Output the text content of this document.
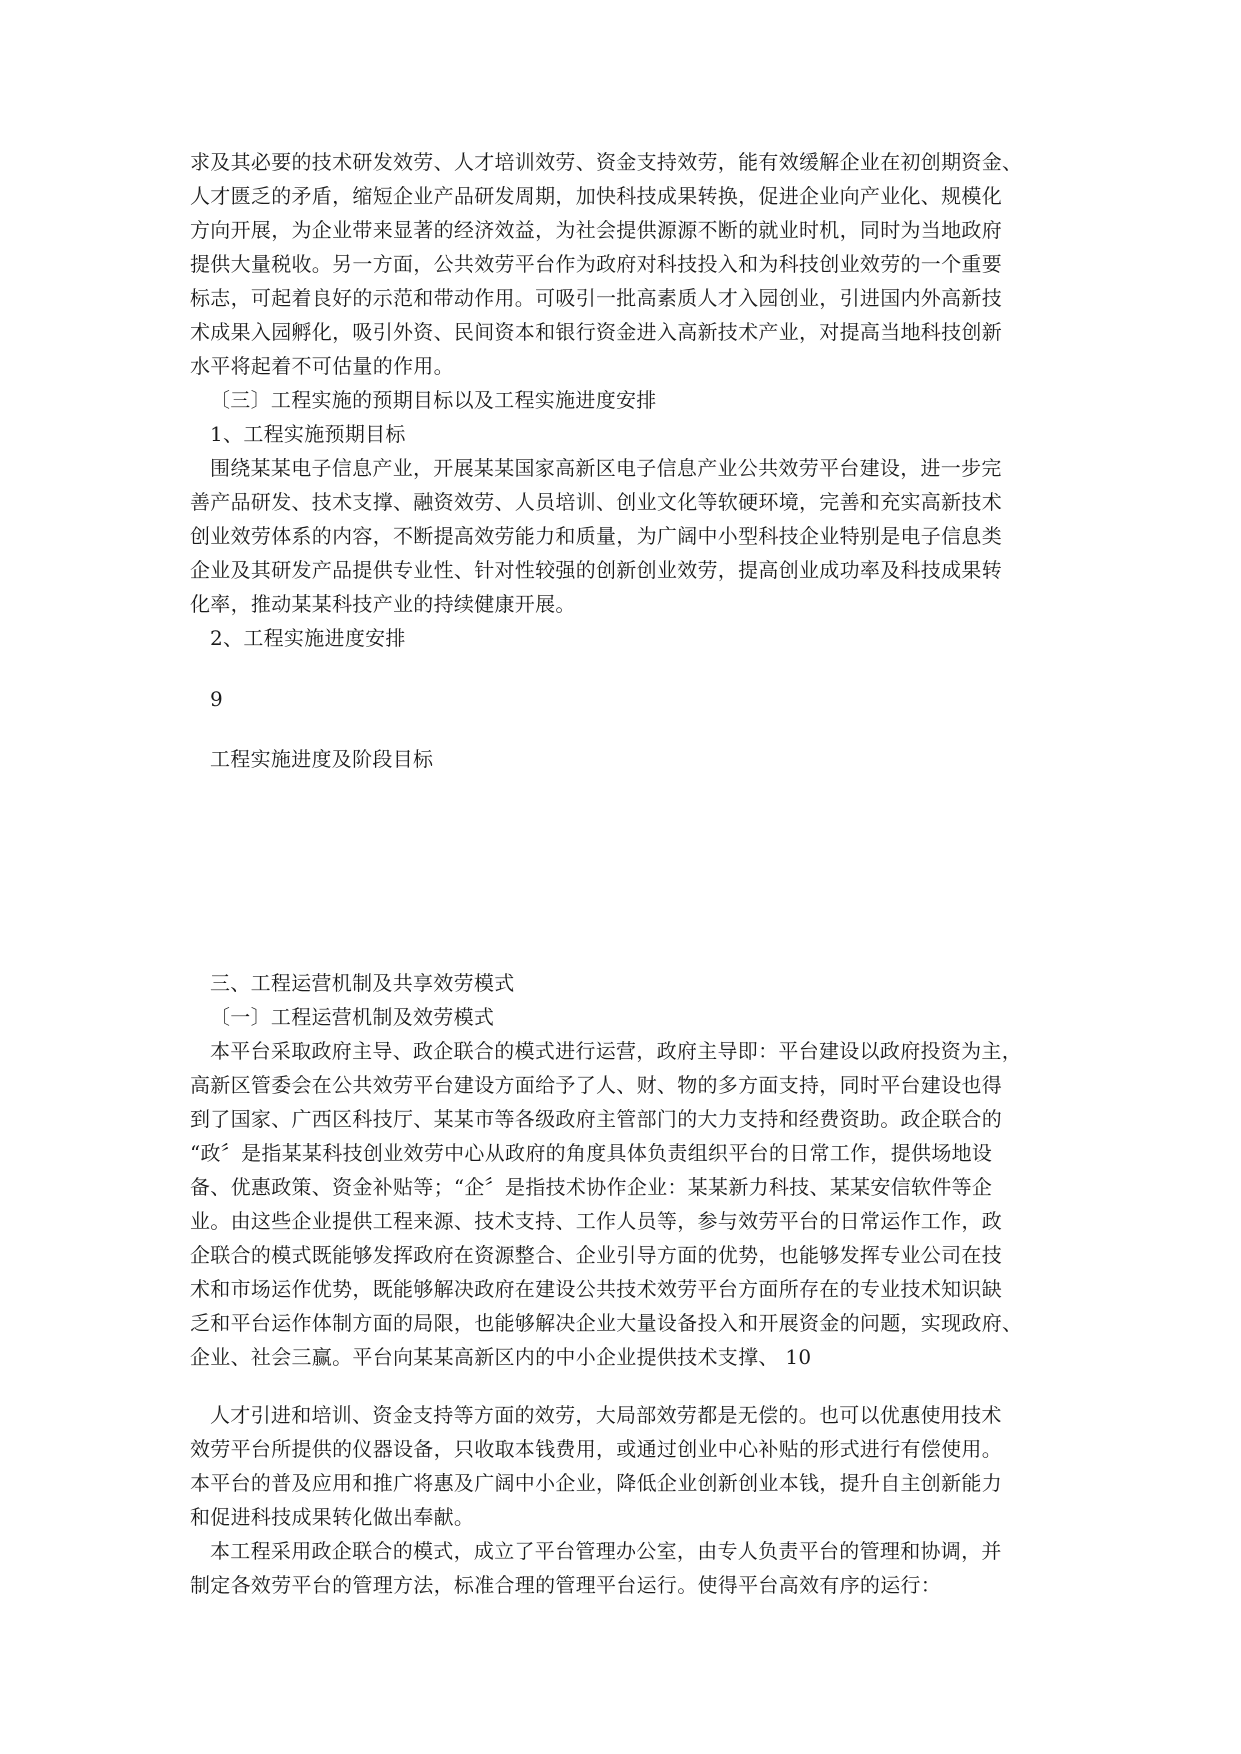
求及其必要的技术研发效劳、人才培训效劳、资金支持效劳，能有效缓解企业在初创期资金、
人才匮乏的矛盾，缩短企业产品研发周期，加快科技成果转换，促进企业向产业化、规模化
方向开展，为企业带来显著的经济效益，为社会提供源源不断的就业时机，同时为当地政府
提供大量税收。另一方面，公共效劳平台作为政府对科技投入和为科技创业效劳的一个重要
标志，可起着良好的示范和带动作用。可吸引一批高素质人才入园创业，引进国内外高新技
术成果入园孵化，吸引外资、民间资本和银行资金进入高新技术产业，对提高当地科技创新
水平将起着不可估量的作用。
〔三〕工程实施的预期目标以及工程实施进度安排
1、工程实施预期目标
围绕某某电子信息产业，开展某某国家高新区电子信息产业公共效劳平台建设，进一步完
善产品研发、技术支撑、融资效劳、人员培训、创业文化等软硬环境，完善和充实高新技术
创业效劳体系的内容，不断提高效劳能力和质量，为广阔中小型科技企业特别是电子信息类
企业及其研发产品提供专业性、针对性较强的创新创业效劳，提高创业成功率及科技成果转
化率，推动某某科技产业的持续健康开展。
2、工程实施进度安排
9
工程实施进度及阶段目标
三、工程运营机制及共享效劳模式
〔一〕工程运营机制及效劳模式
本平台采取政府主导、政企联合的模式进行运营，政府主导即：平台建设以政府投资为主，
高新区管委会在公共效劳平台建设方面给予了人、财、物的多方面支持，同时平台建设也得
到了国家、广西区科技厅、某某市等各级政府主管部门的大力支持和经费资助。政企联合的
“政〞是指某某科技创业效劳中心从政府的角度具体负责组织平台的日常工作，提供场地设
备、优惠政策、资金补贴等；“企〞是指技术协作企业：某某新力科技、某某安信软件等企
业。由这些企业提供工程来源、技术支持、工作人员等，参与效劳平台的日常运作工作，政
企联合的模式既能够发挥政府在资源整合、企业引导方面的优势，也能够发挥专业公司在技
术和市场运作优势，既能够解决政府在建设公共技术效劳平台方面所存在的专业技术知识缺
乏和平台运作体制方面的局限，也能够解决企业大量设备投入和开展资金的问题，实现政府、
企业、社会三赢。平台向某某高新区内的中小企业提供技术支撑、 10
人才引进和培训、资金支持等方面的效劳，大局部效劳都是无偿的。也可以优惠使用技术
效劳平台所提供的仪器设备，只收取本钱费用，或通过创业中心补贴的形式进行有偿使用。
本平台的普及应用和推广将惠及广阔中小企业，降低企业创新创业本钱，提升自主创新能力
和促进科技成果转化做出奉献。
本工程采用政企联合的模式，成立了平台管理办公室，由专人负责平台的管理和协调，并
制定各效劳平台的管理方法，标准合理的管理平台运行。使得平台高效有序的运行：
